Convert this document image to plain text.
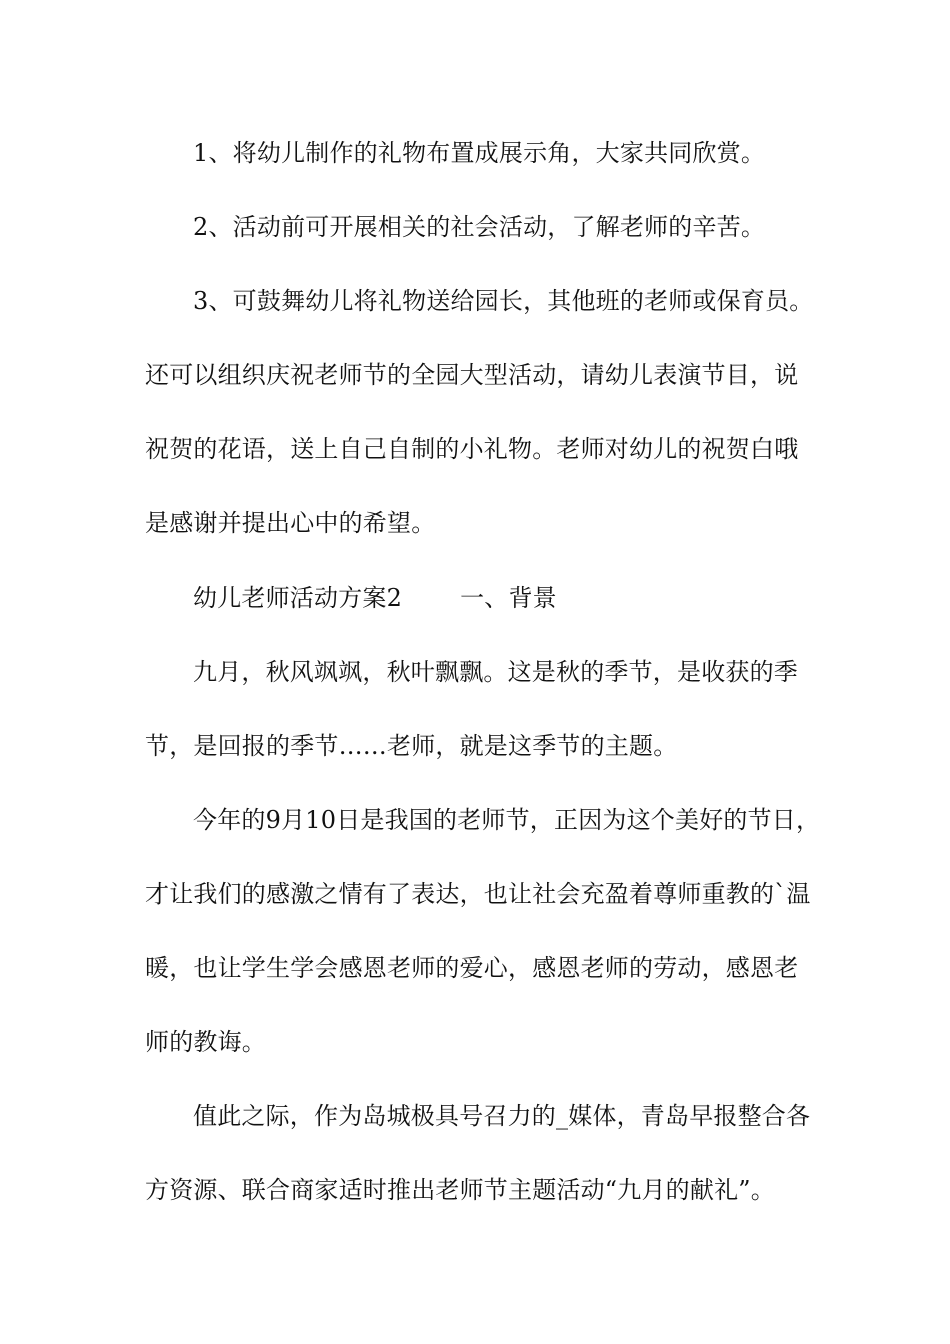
1、将幼儿制作的礼物布置成展示角，大家共同欣赏。

2、活动前可开展相关的社会活动，了解老师的辛苦。

3、可鼓舞幼儿将礼物送给园长，其他班的老师或保育员。

还可以组织庆祝老师节的全园大型活动，请幼儿表演节目，说

祝贺的花语，送上自己自制的小礼物。老师对幼儿的祝贺白哦

是感谢并提出心中的希望。

幼儿老师活动方案2 一、背景

九月，秋风飒飒，秋叶飘飘。这是秋的季节，是收获的季

节，是回报的季节……老师，就是这季节的主题。

今年的9月10日是我国的老师节，正因为这个美好的节日，

才让我们的感激之情有了表达，也让社会充盈着尊师重教的`温

暖，也让学生学会感恩老师的爱心，感恩老师的劳动，感恩老

师的教诲。

值此之际，作为岛城极具号召力的_媒体，青岛早报整合各

方资源、联合商家适时推出老师节主题活动“九月的献礼”。
